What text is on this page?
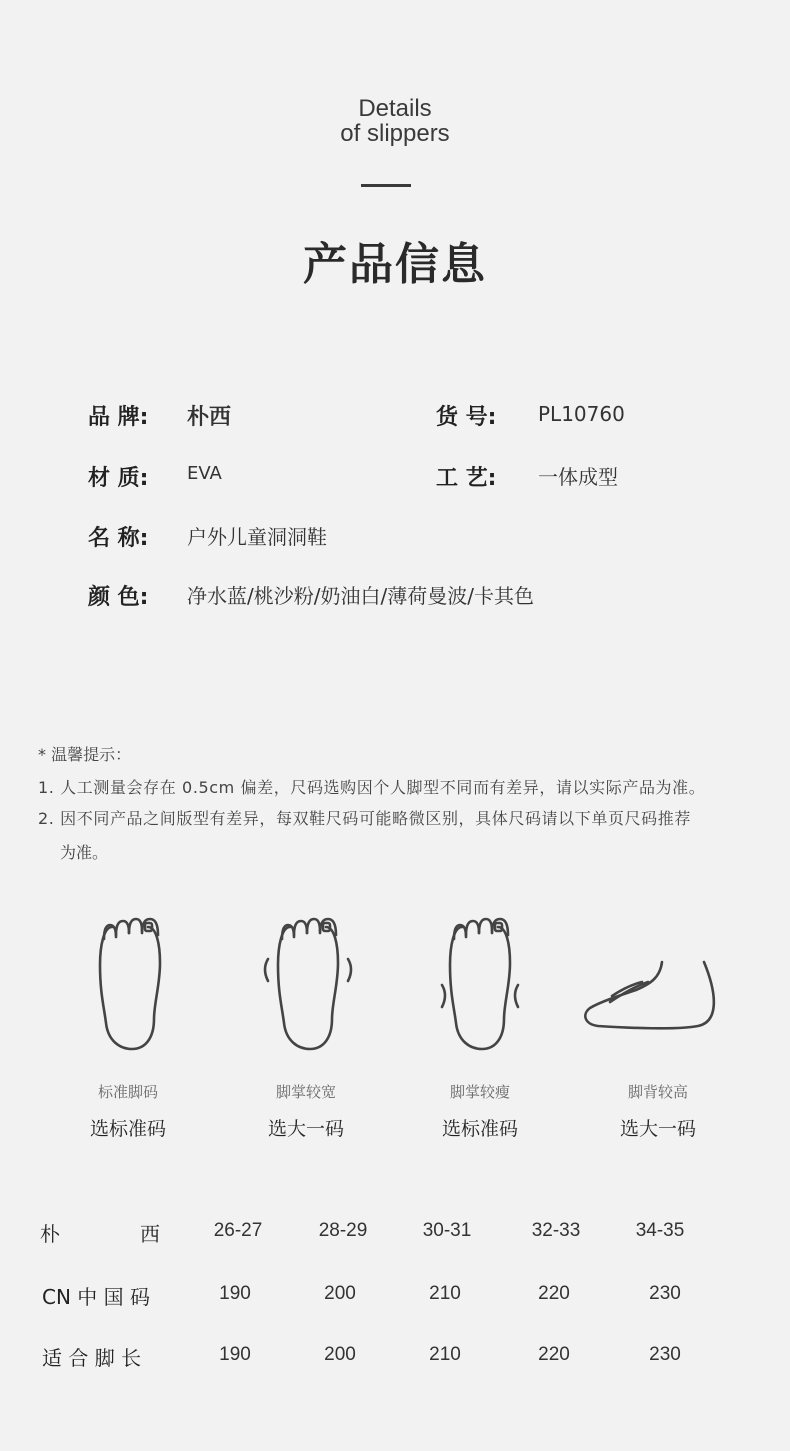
Details
of slippers
产品信息
品 牌: 朴西	货 号: PL10760
材 质: EVA	工 艺: 一体成型
名 称: 户外儿童洞洞鞋
颜 色: 净水蓝/桃沙粉/奶油白/薄荷曼波/卡其色
* 温馨提示：
1. 人工测量会存在 0.5cm 偏差，尺码选购因个人脚型不同而有差异，请以实际产品为准。
2. 因不同产品之间版型有差异，每双鞋尺码可能略微区别，具体尺码请以下单页尺码推荐
为准。
标准脚码
选标准码
脚掌较宽
选大一码
脚掌较瘦
选标准码
脚背较高
选大一码
朴	西	26-27	28-29	30-31	32-33	34-35
CN 中 国 码	190	200	210	220	230
适 合 脚 长	190	200	210	220	230
